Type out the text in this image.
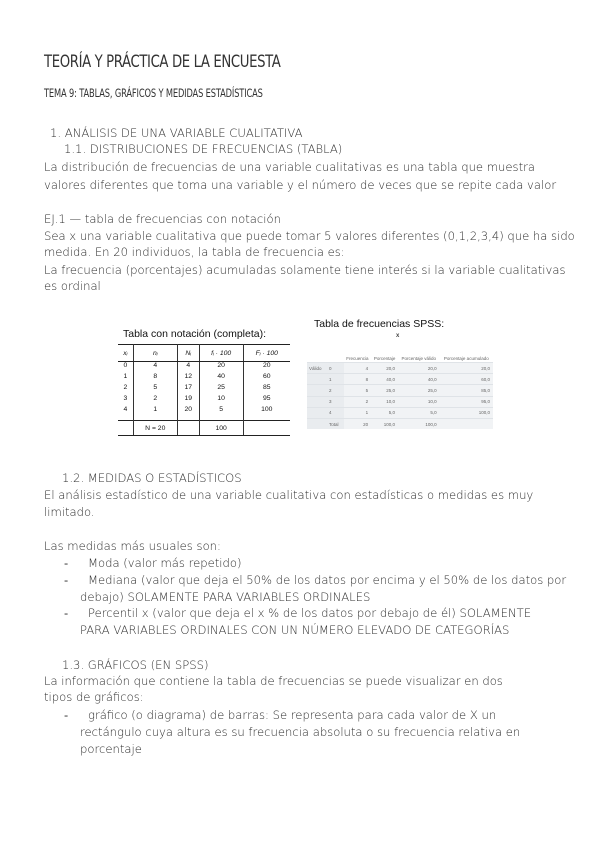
TEORÍA Y PRÁCTICA DE LA ENCUESTA
TEMA 9: TABLAS, GRÁFICOS Y MEDIDAS ESTADÍSTICAS
1. ANÁLISIS DE UNA VARIABLE CUALITATIVA
1.1. DISTRIBUCIONES DE FRECUENCIAS (TABLA)
La distribución de frecuencias de una variable cualitativas es una tabla que muestra
valores diferentes que toma una variable y el número de veces que se repite cada valor
EJ.1 — tabla de frecuencias con notación
Sea x una variable cualitativa que puede tomar 5 valores diferentes (0,1,2,3,4) que ha sido
medida. En 20 individuos, la tabla de frecuencia es:
La frecuencia (porcentajes) acumuladas solamente tiene interés si la variable cualitativas
es ordinal
Tabla con notación (completa):
xᵢ	nᵢ	Nᵢ	fᵢ · 100	Fᵢ · 100
0	4	4	20	20
1	8	12	40	60
2	5	17	25	85
3	2	19	10	95
4	1	20	5	100
	N = 20		100	
Tabla de frecuencias SPSS:
x
		Frecuencia	Porcentaje	Porcentaje válido	Porcentaje acumulado
Válido	0	4	20,0	20,0	20,0
	1	8	40,0	40,0	60,0
	2	5	25,0	25,0	85,0
	3	2	10,0	10,0	95,0
	4	1	5,0	5,0	100,0
	Total	20	100,0	100,0	
1.2. MEDIDAS O ESTADÍSTICOS
El análisis estadístico de una variable cualitativa con estadísticas o medidas es muy
limitado.
Las medidas más usuales son:
- Moda (valor más repetido)
- Mediana (valor que deja el 50% de los datos por encima y el 50% de los datos por
debajo) SOLAMENTE PARA VARIABLES ORDINALES
- Percentil x (valor que deja el x % de los datos por debajo de él) SOLAMENTE
PARA VARIABLES ORDINALES CON UN NÚMERO ELEVADO DE CATEGORÍAS
1.3. GRÁFICOS (EN SPSS)
La información que contiene la tabla de frecuencias se puede visualizar en dos
tipos de gráficos:
- gráfico (o diagrama) de barras: Se representa para cada valor de X un
rectángulo cuya altura es su frecuencia absoluta o su frecuencia relativa en
porcentaje
